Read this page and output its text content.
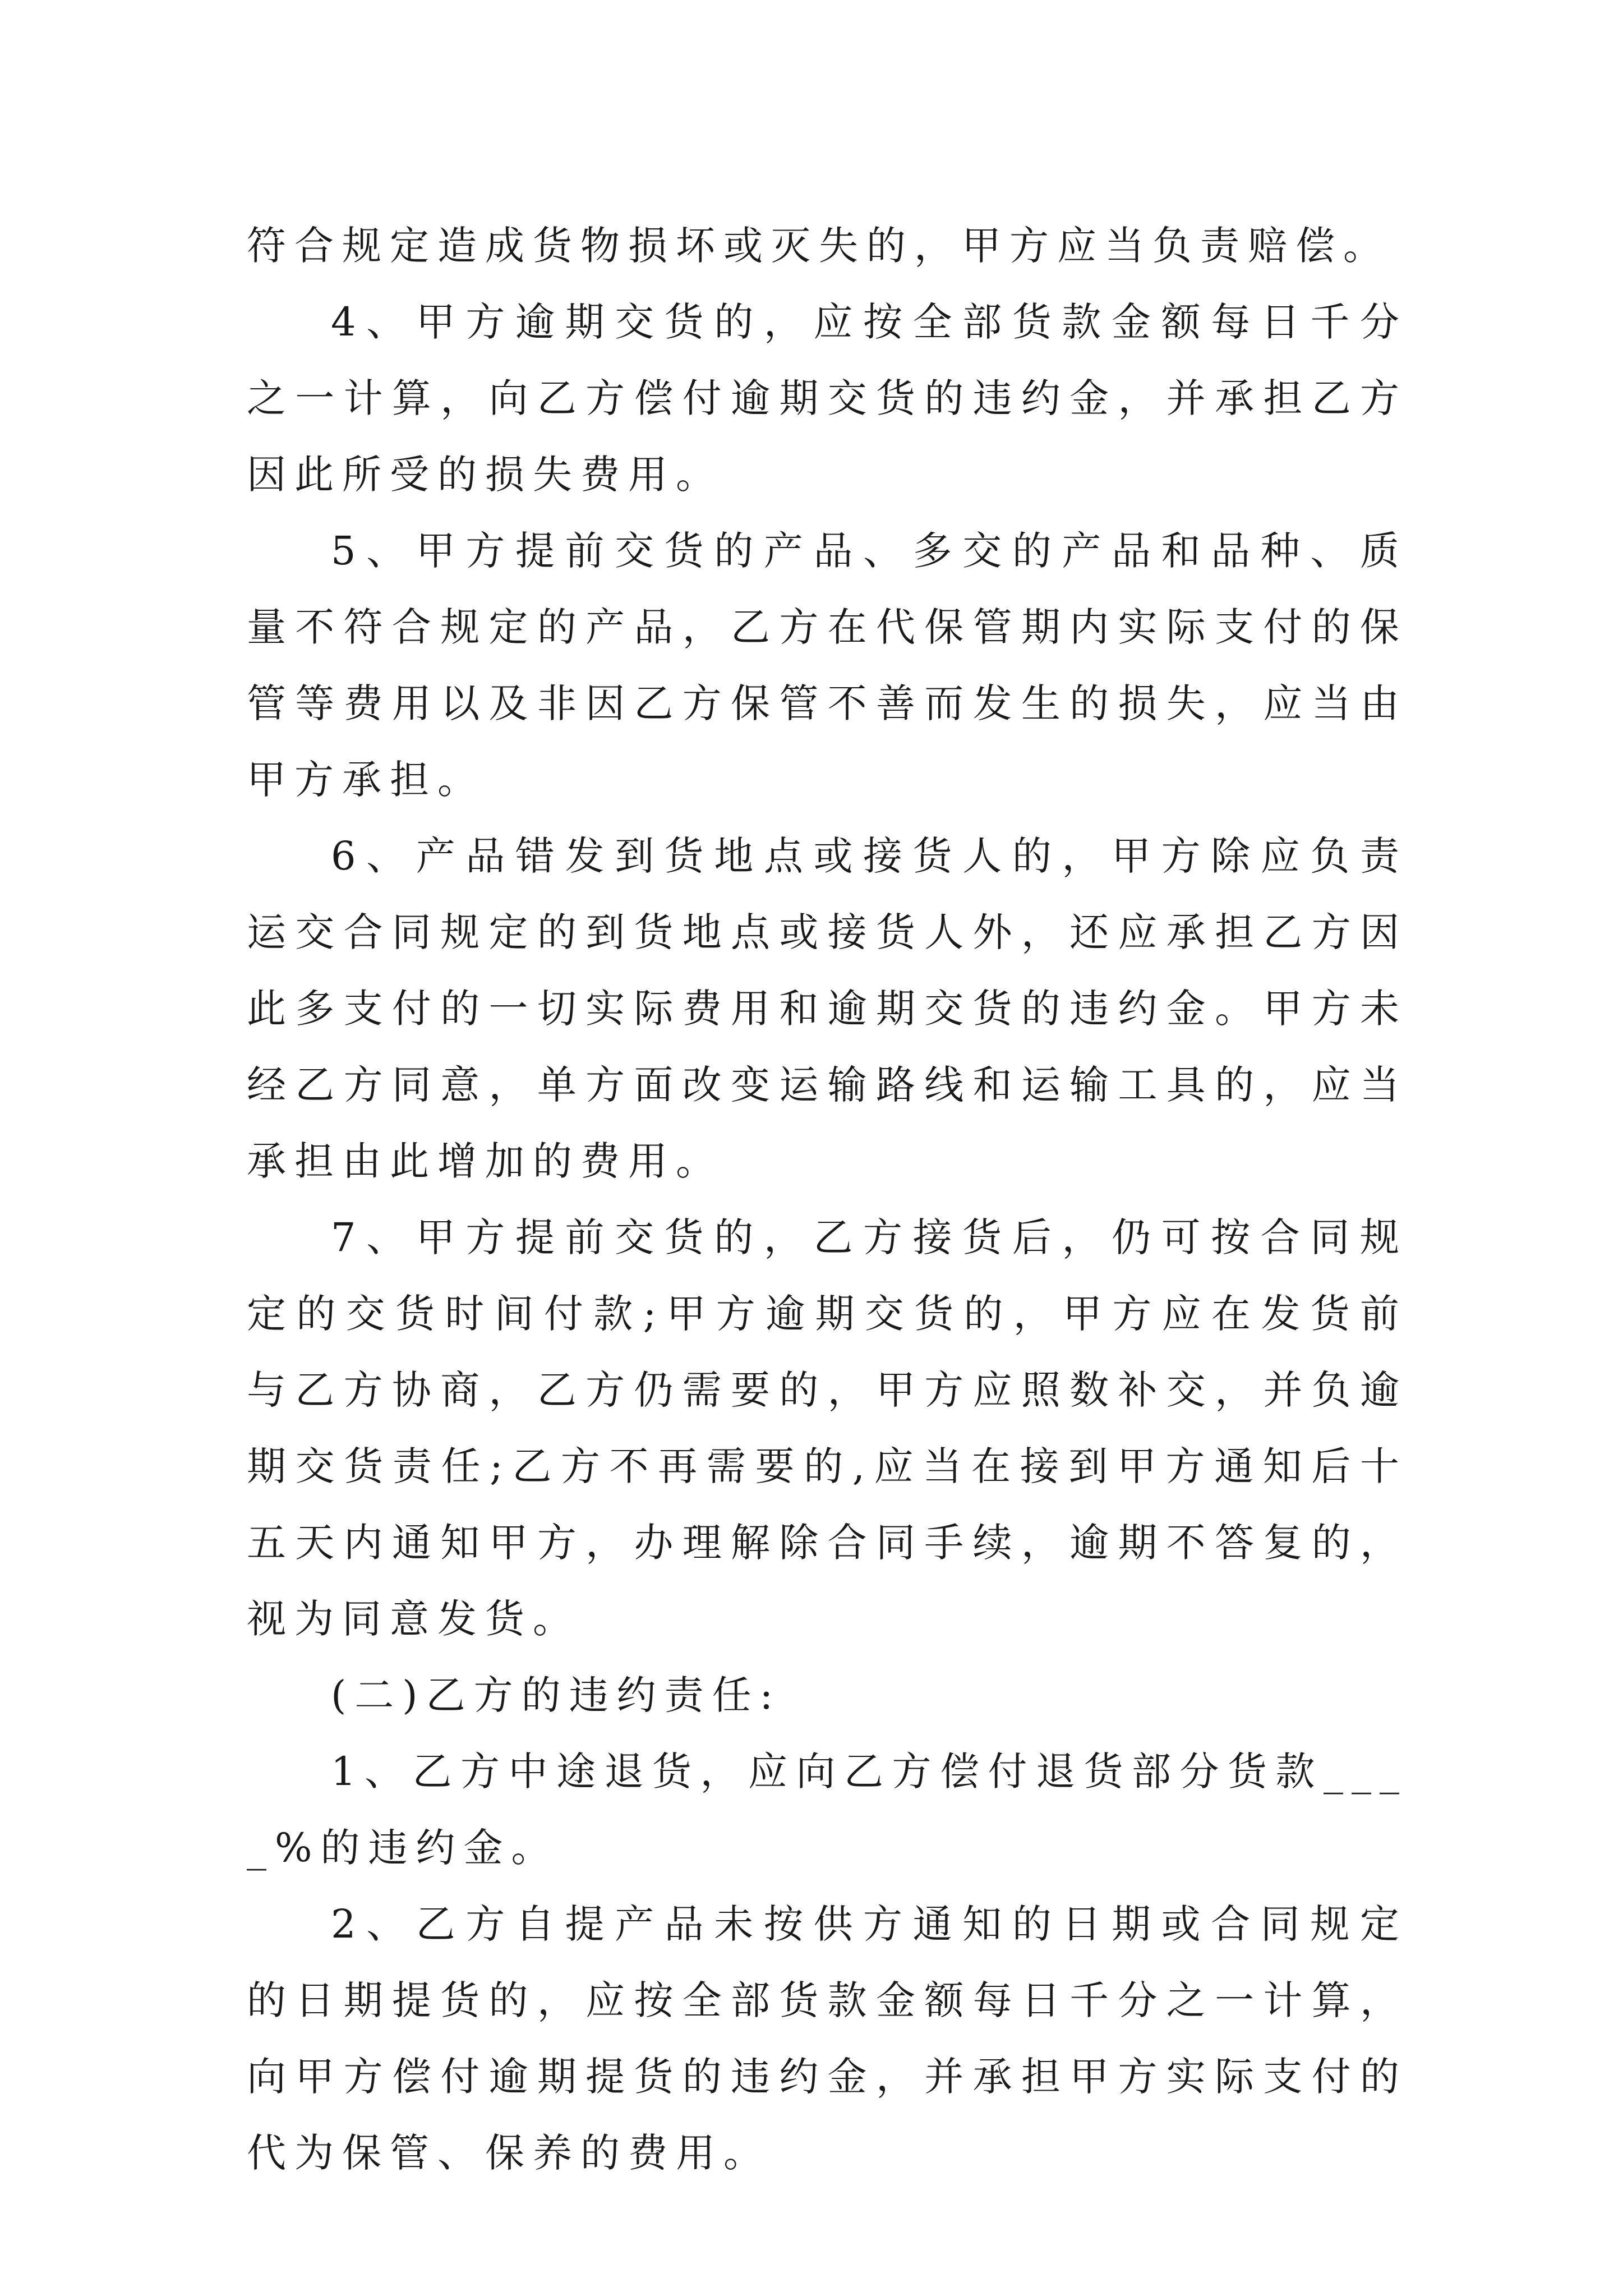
符合规定造成货物损坏或灭失的，甲方应当负责赔偿。

4、甲方逾期交货的，应按全部货款金额每日千分之一计算，向乙方偿付逾期交货的违约金，并承担乙方因此所受的损失费用。

5、甲方提前交货的产品、多交的产品和品种、质量不符合规定的产品，乙方在代保管期内实际支付的保管等费用以及非因乙方保管不善而发生的损失，应当由甲方承担。

6、产品错发到货地点或接货人的，甲方除应负责运交合同规定的到货地点或接货人外，还应承担乙方因此多支付的一切实际费用和逾期交货的违约金。甲方未经乙方同意，单方面改变运输路线和运输工具的，应当承担由此增加的费用。

7、甲方提前交货的，乙方接货后，仍可按合同规定的交货时间付款;甲方逾期交货的，甲方应在发货前与乙方协商，乙方仍需要的，甲方应照数补交，并负逾期交货责任;乙方不再需要的,应当在接到甲方通知后十五天内通知甲方，办理解除合同手续，逾期不答复的，视为同意发货。

(二)乙方的违约责任:

1、乙方中途退货，应向乙方偿付退货部分货款____%的违约金。

2、乙方自提产品未按供方通知的日期或合同规定的日期提货的，应按全部货款金额每日千分之一计算，向甲方偿付逾期提货的违约金，并承担甲方实际支付的代为保管、保养的费用。
